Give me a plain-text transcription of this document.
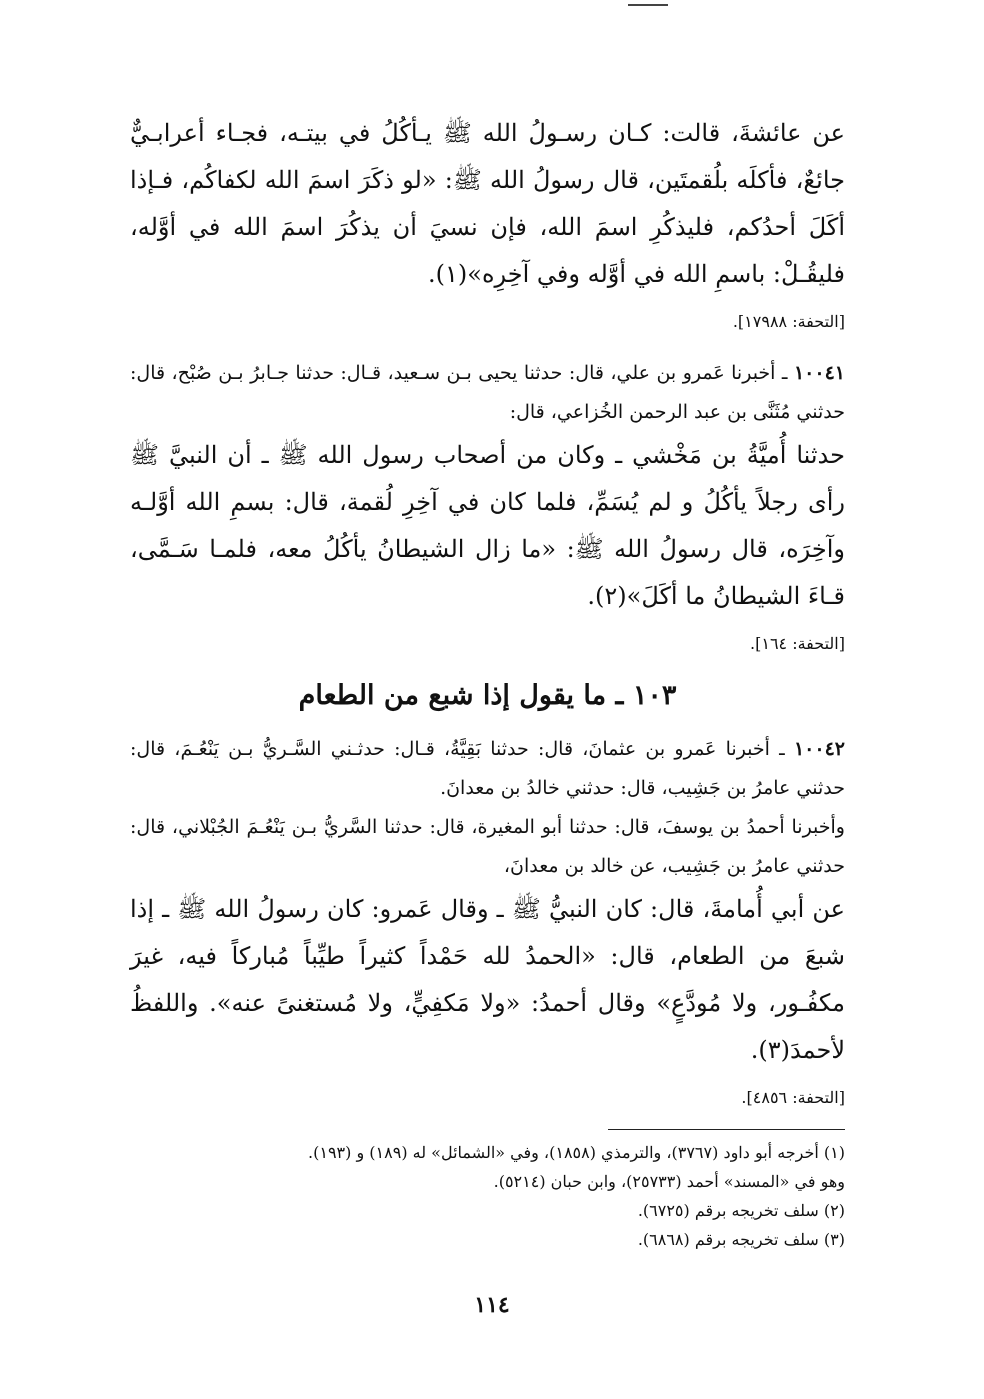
عن عائشةَ، قالت: كـان رسـولُ الله ﷺ يـأكُلُ في بيتـه، فجـاء أعرابـيٌّ جائعٌ، فأكلَه بلُقمتَين، قال رسولُ الله ﷺ: «لو ذكَرَ اسمَ الله لكفاكُم، فـإذا أكَلَ أحدُكم، فليذكُرِ اسمَ الله، فإن نسيَ أن يذكُرَ اسمَ الله في أوَّله، فليقُـلْ: باسمِ الله في أوَّله وفي آخِرِه»(١).

[التحفة: ١٧٩٨٨].

١٠٠٤١ ـ أخبرنا عَمرو بن علي، قال: حدثنا يحيى بـن سـعيد، قـال: حدثنا جـابرُ بـن صُبْح، قال: حدثني مُثَنَّى بن عبد الرحمن الخُزاعي، قال:

حدثنا أُميَّةُ بن مَخْشي ـ وكان من أصحاب رسول الله ﷺ ـ أن النبيَّ ﷺ رأى رجلاً يأكُلُ و لم يُسَمِّ، فلما كان في آخِرِ لُقمة، قال: بسمِ الله أوَّلـه وآخِرَه، قال رسولُ الله ﷺ: «ما زال الشيطانُ يأكُلُ معه، فلمـا سَـمَّى، قـاءَ الشيطانُ ما أكَلَ»(٢).

[التحفة: ١٦٤].

١٠٣ ـ ما يقول إذا شبع من الطعام

١٠٠٤٢ ـ أخبرنا عَمرو بن عثمانَ، قال: حدثنا بَقِيَّةُ، قـال: حدثـني السَّـريُّ بـن يَنْعُـمَ، قال: حدثني عامرُ بن جَشِيب، قال: حدثني خالدُ بن معدانَ.

وأخبرنا أحمدُ بن يوسفَ، قال: حدثنا أبو المغيرة، قال: حدثنا السَّريُّ بـن يَنْعُـمَ الجُبْلاني، قال: حدثني عامرُ بن جَشِيب، عن خالد بن معدانَ،

عن أبي أُمامةَ، قال: كان النبيُّ ﷺ ـ وقال عَمرو: كان رسولُ الله ﷺ ـ إذا شبعَ من الطعام، قال: «الحمدُ لله حَمْداً كثيراً طيِّباً مُباركاً فيه، غيرَ مكفُـور، ولا مُودَّعٍ» وقال أحمدُ: «ولا مَكفِيٍّ، ولا مُستغنىً عنه». واللفظُ لأحمدَ(٣).

[التحفة: ٤٨٥٦].

(١) أخرجه أبو داود (٣٧٦٧)، والترمذي (١٨٥٨)، وفي «الشمائل» له (١٨٩) و (١٩٣).

وهو في «المسند» أحمد (٢٥٧٣٣)، وابن حبان (٥٢١٤).

(٢) سلف تخريجه برقم (٦٧٢٥).

(٣) سلف تخريجه برقم (٦٨٦٨).

١١٤
